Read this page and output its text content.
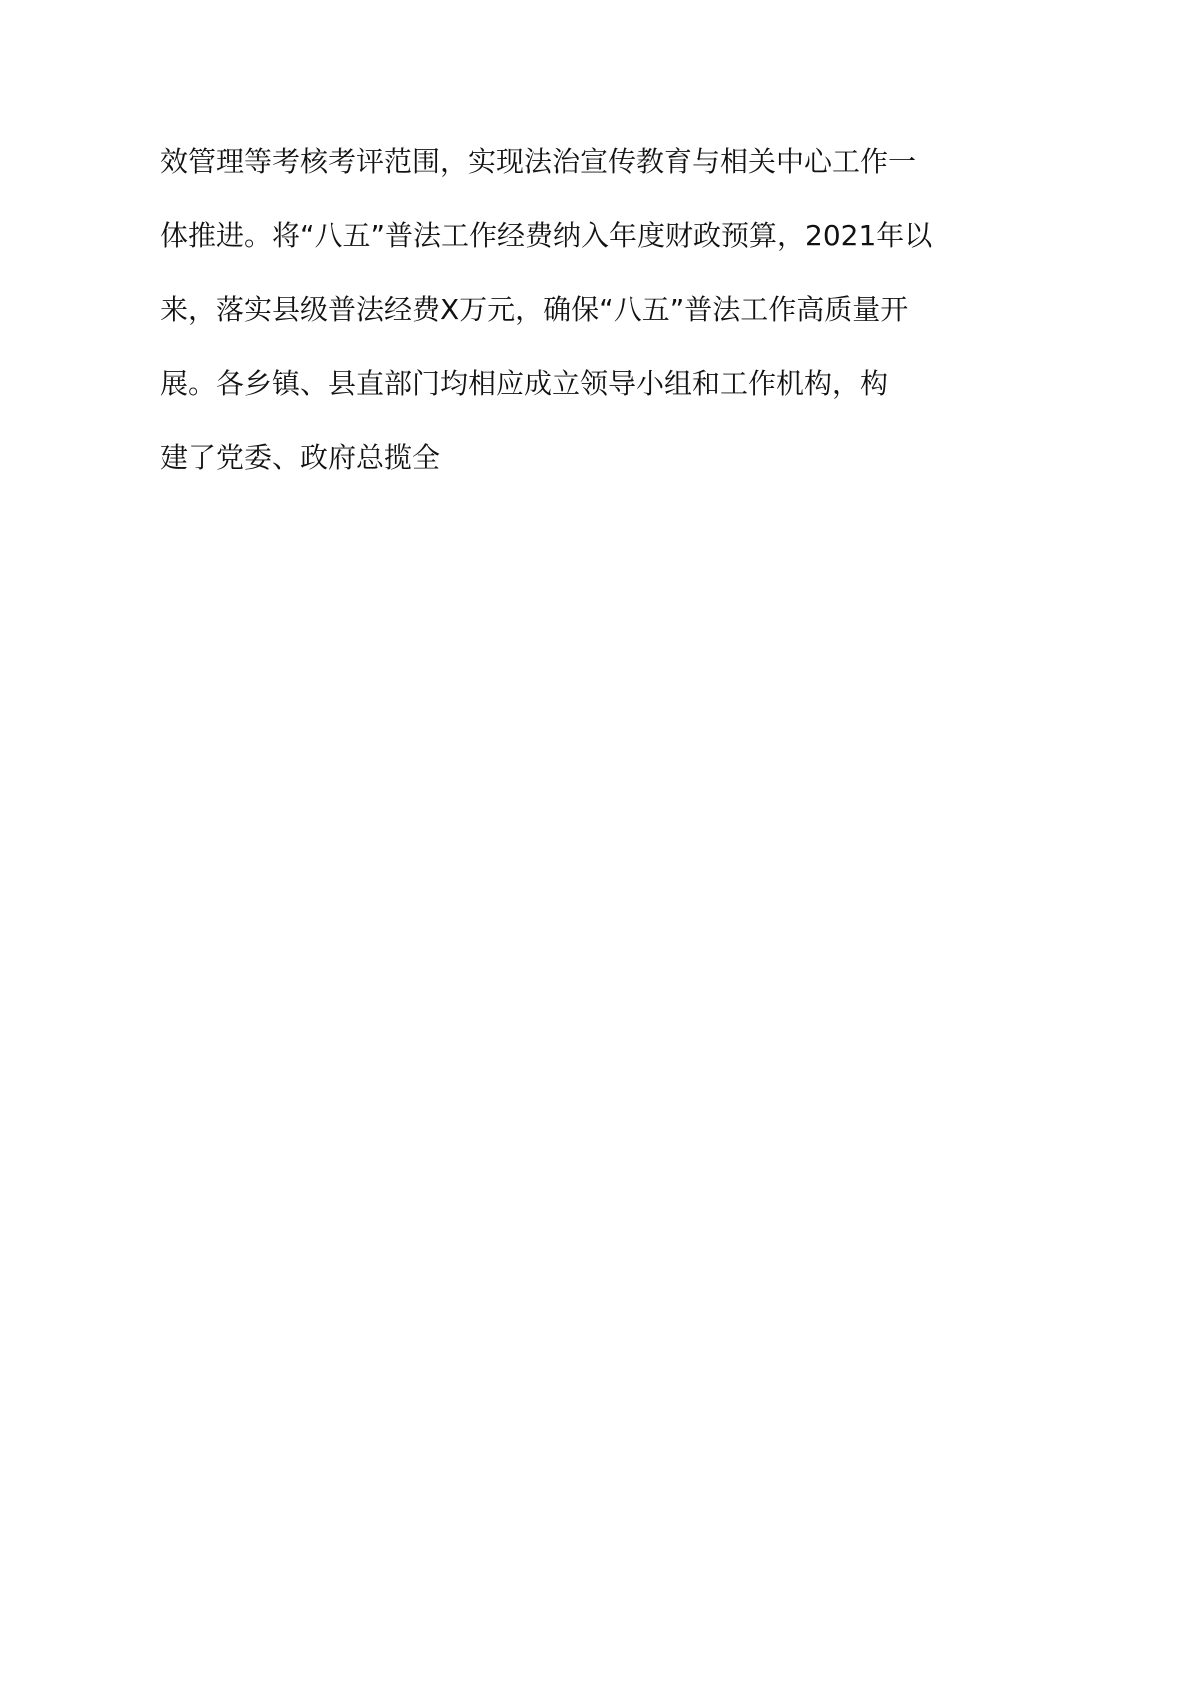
效管理等考核考评范围，实现法治宣传教育与相关中心工作一
体推进。将“八五”普法工作经费纳入年度财政预算，2021年以
来，落实县级普法经费X万元，确保“八五”普法工作高质量开
展。各乡镇、县直部门均相应成立领导小组和工作机构，构
建了党委、政府总揽全
